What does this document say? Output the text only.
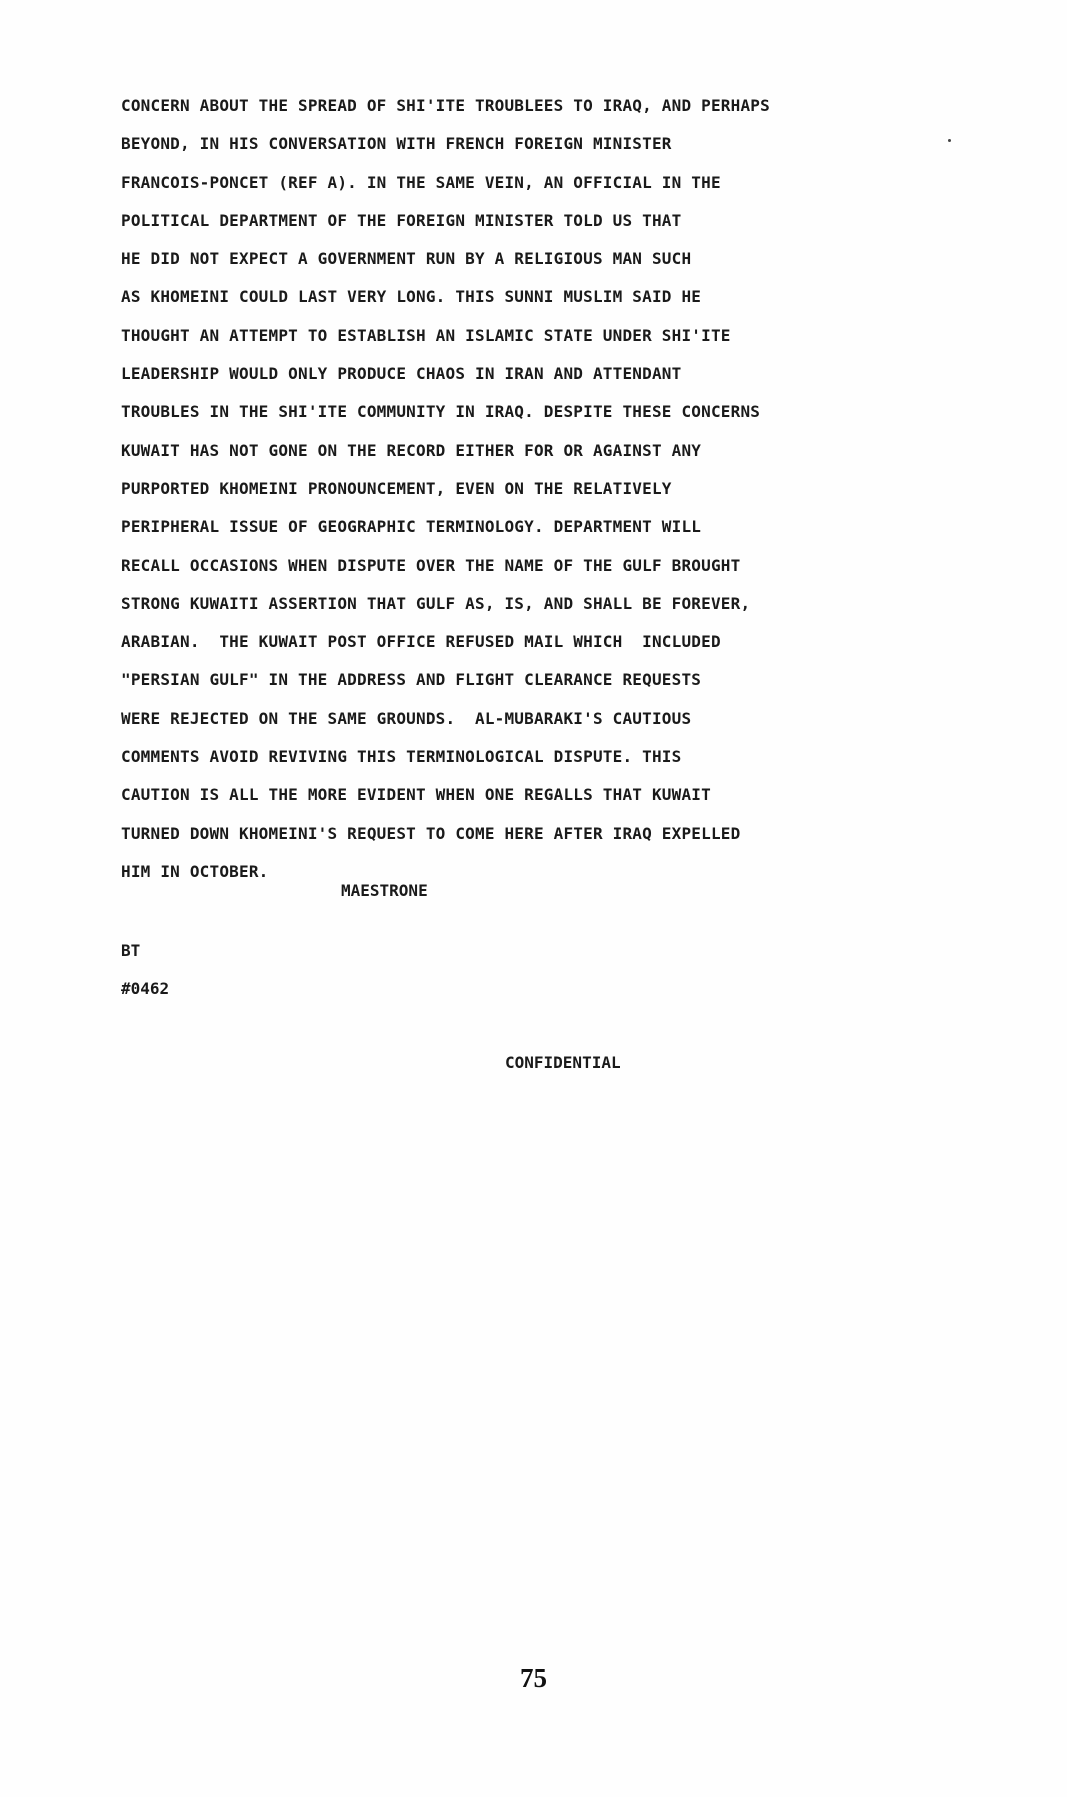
CONCERN ABOUT THE SPREAD OF SHI'ITE TROUBLEES TO IRAQ, AND PERHAPS
BEYOND, IN HIS CONVERSATION WITH FRENCH FOREIGN MINISTER
FRANCOIS-PONCET (REF A). IN THE SAME VEIN, AN OFFICIAL IN THE
POLITICAL DEPARTMENT OF THE FOREIGN MINISTER TOLD US THAT
HE DID NOT EXPECT A GOVERNMENT RUN BY A RELIGIOUS MAN SUCH
AS KHOMEINI COULD LAST VERY LONG. THIS SUNNI MUSLIM SAID HE
THOUGHT AN ATTEMPT TO ESTABLISH AN ISLAMIC STATE UNDER SHI'ITE
LEADERSHIP WOULD ONLY PRODUCE CHAOS IN IRAN AND ATTENDANT
TROUBLES IN THE SHI'ITE COMMUNITY IN IRAQ. DESPITE THESE CONCERNS
KUWAIT HAS NOT GONE ON THE RECORD EITHER FOR OR AGAINST ANY
PURPORTED KHOMEINI PRONOUNCEMENT, EVEN ON THE RELATIVELY
PERIPHERAL ISSUE OF GEOGRAPHIC TERMINOLOGY. DEPARTMENT WILL
RECALL OCCASIONS WHEN DISPUTE OVER THE NAME OF THE GULF BROUGHT
STRONG KUWAITI ASSERTION THAT GULF AS, IS, AND SHALL BE FOREVER,
ARABIAN.  THE KUWAIT POST OFFICE REFUSED MAIL WHICH  INCLUDED
"PERSIAN GULF" IN THE ADDRESS AND FLIGHT CLEARANCE REQUESTS
WERE REJECTED ON THE SAME GROUNDS.  AL-MUBARAKI'S CAUTIOUS
COMMENTS AVOID REVIVING THIS TERMINOLOGICAL DISPUTE. THIS
CAUTION IS ALL THE MORE EVIDENT WHEN ONE REGALLS THAT KUWAIT
TURNED DOWN KHOMEINI'S REQUEST TO COME HERE AFTER IRAQ EXPELLED
HIM IN OCTOBER.
MAESTRONE
BT
#0462
CONFIDENTIAL
75
